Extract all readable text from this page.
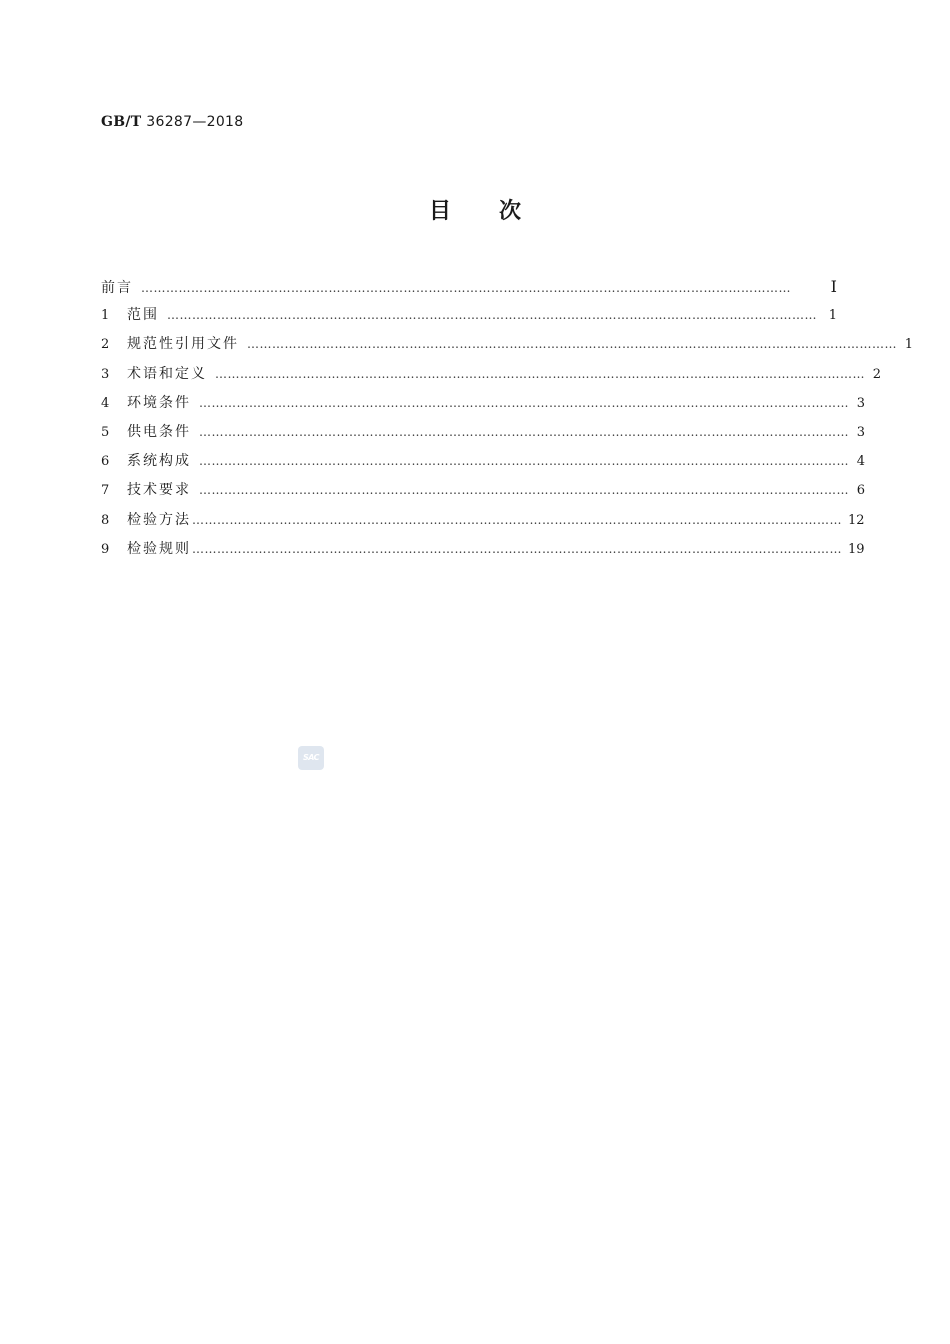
GB/T 36287—2018
目 次
前言 …………………………………………………………………………………………………………………………………………	I
1	范围 ………………………………………………………………………………………………………………………………………… 1
2	规范性引用文件 ………………………………………………………………………………………………………………………………………… 1
3	术语和定义 ………………………………………………………………………………………………………………………………………… 2
4	环境条件 ………………………………………………………………………………………………………………………………………… 3
5	供电条件 ………………………………………………………………………………………………………………………………………… 3
6	系统构成 ………………………………………………………………………………………………………………………………………… 4
7	技术要求 ………………………………………………………………………………………………………………………………………… 6
8	检验方法 ………………………………………………………………………………………………………………………………………… 12
9	检验规则 ………………………………………………………………………………………………………………………………………… 19
SAC
